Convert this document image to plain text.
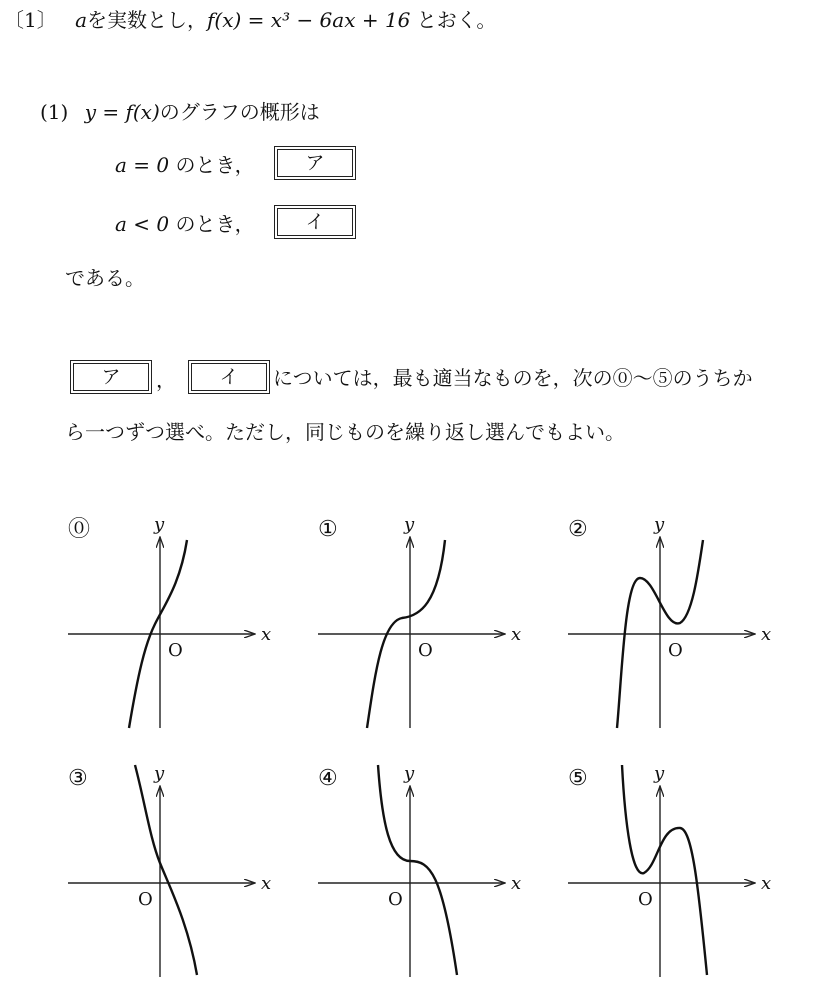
〔1〕 aを実数とし，f(x) = x³ − 6ax + 16 とおく。
(1) y = f(x)のグラフの概形は
a = 0 のとき，	ア
a < 0 のとき，	イ
である。
ア	，	イ	については，最も適当なものを，次の⓪〜⑤のうちか
ら一つずつ選べ。ただし，同じものを繰り返し選んでもよい。
⓪	y
x
O
①	y
x
O
②	y
x
O
③	y
x
O
④	y
x
O
⑤	y
x
O
